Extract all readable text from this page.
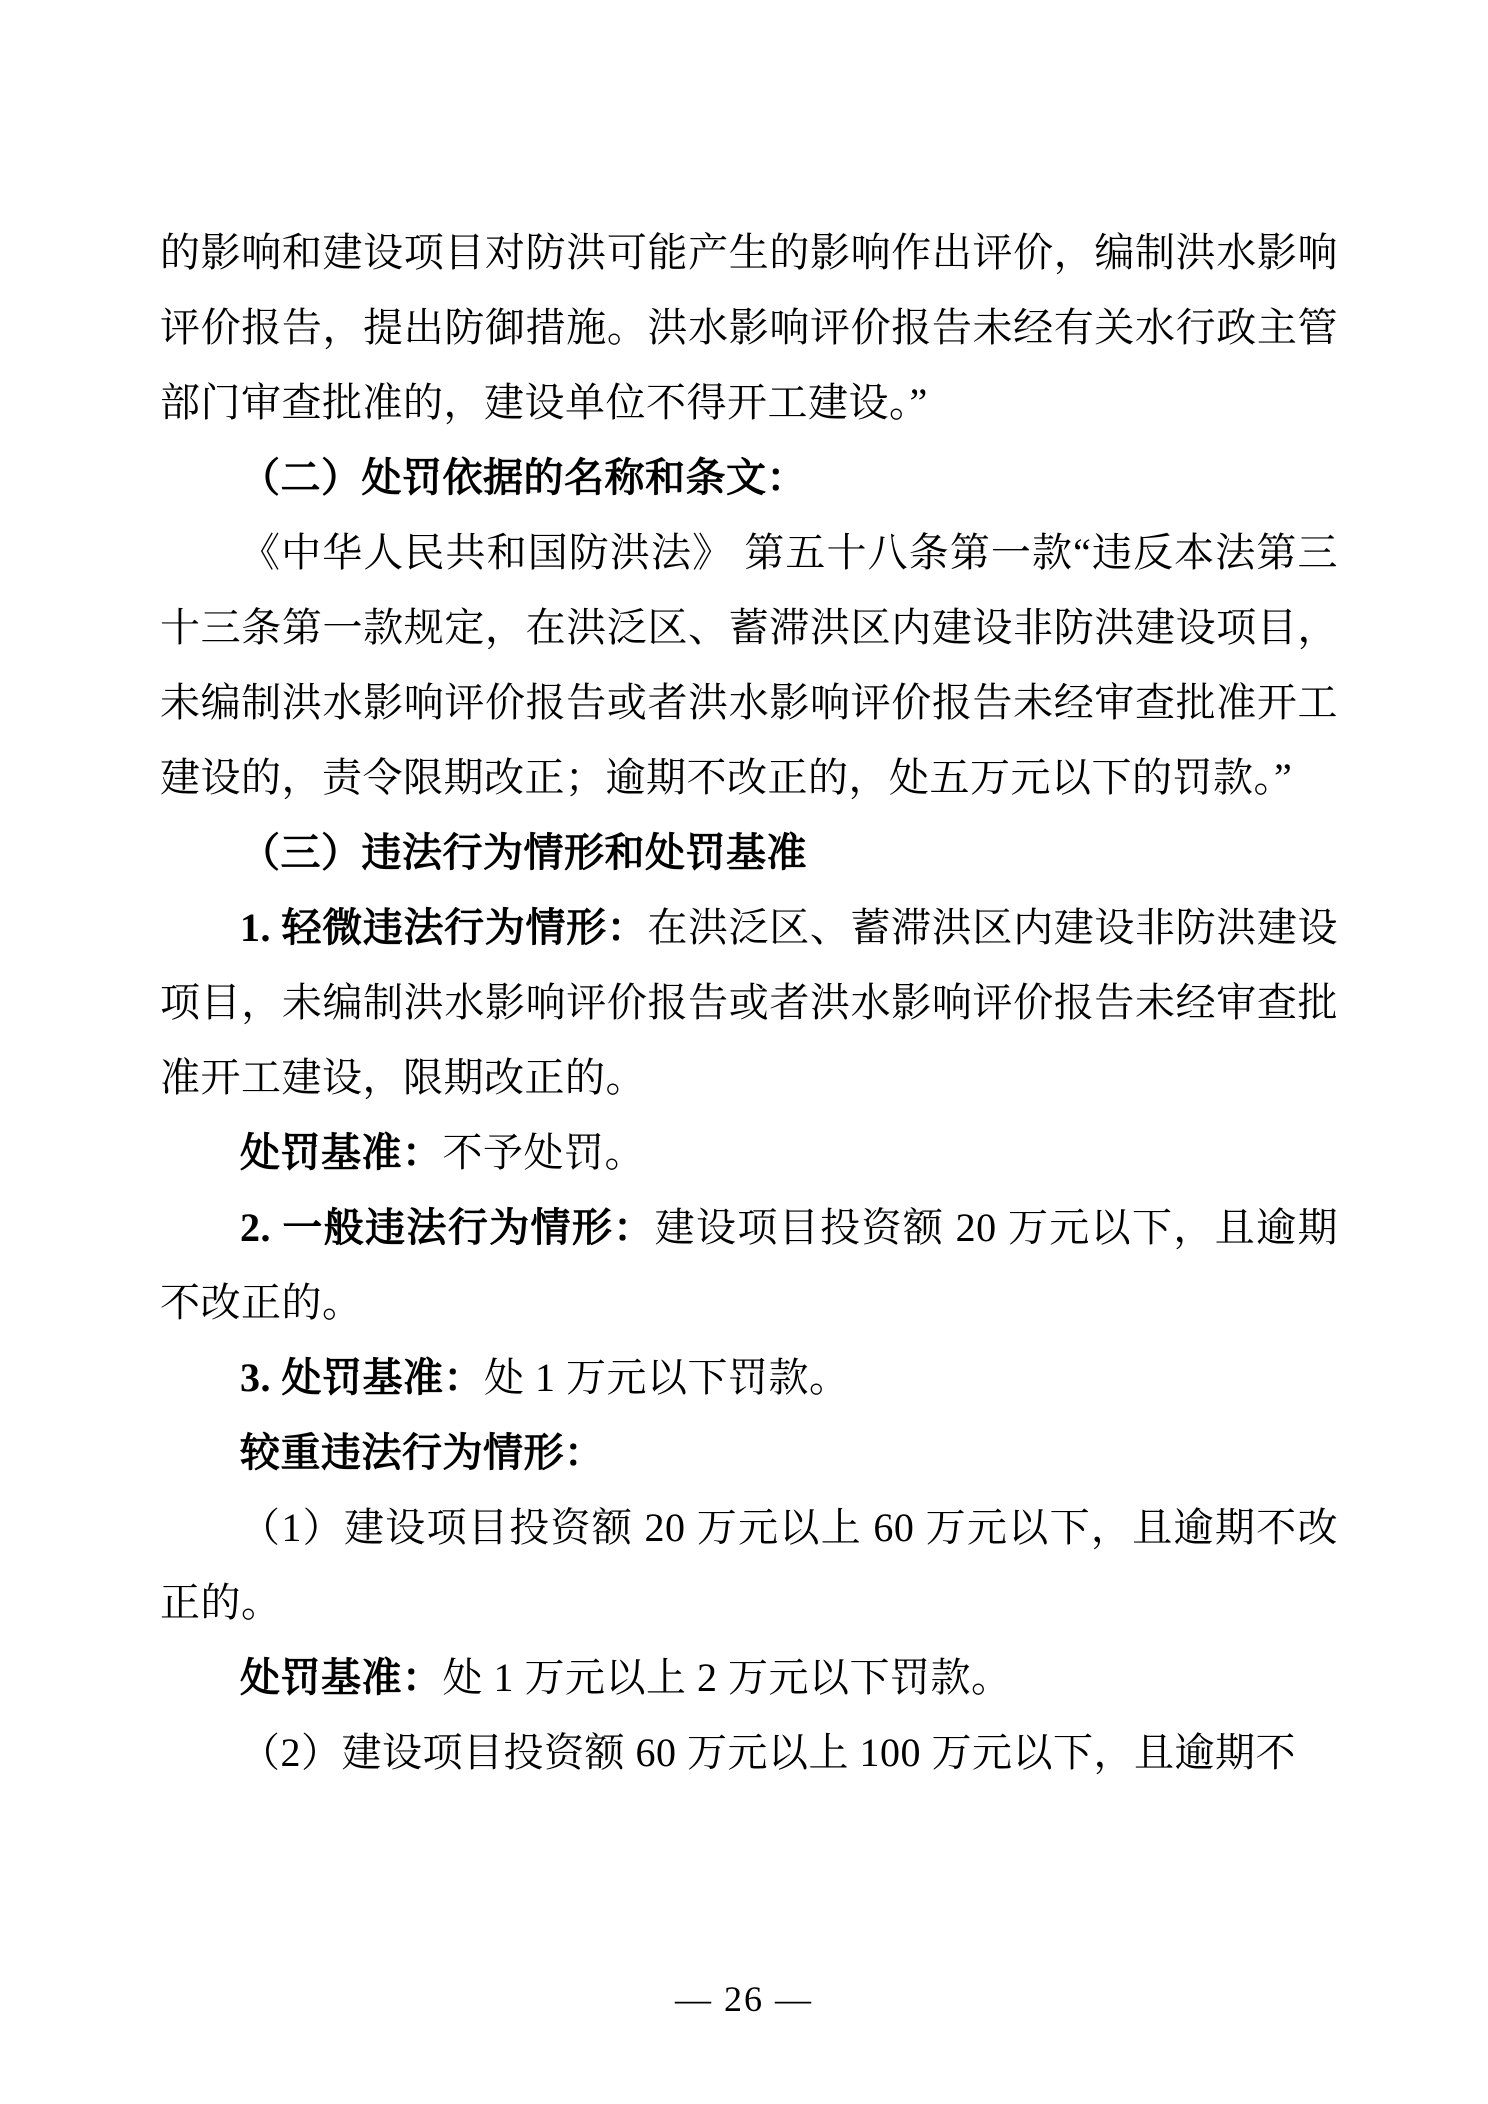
的影响和建设项目对防洪可能产生的影响作出评价，编制洪水影响评价报告，提出防御措施。洪水影响评价报告未经有关水行政主管部门审查批准的，建设单位不得开工建设。”

（二）处罚依据的名称和条文：

《中华人民共和国防洪法》 第五十八条第一款“违反本法第三十三条第一款规定，在洪泛区、蓄滞洪区内建设非防洪建设项目，未编制洪水影响评价报告或者洪水影响评价报告未经审查批准开工建设的，责令限期改正；逾期不改正的，处五万元以下的罚款。”

（三）违法行为情形和处罚基准

1. 轻微违法行为情形：在洪泛区、蓄滞洪区内建设非防洪建设项目，未编制洪水影响评价报告或者洪水影响评价报告未经审查批准开工建设，限期改正的。

处罚基准：不予处罚。

2. 一般违法行为情形：建设项目投资额 20 万元以下，且逾期不改正的。

3. 处罚基准：处 1 万元以下罚款。

较重违法行为情形：

（1）建设项目投资额 20 万元以上 60 万元以下，且逾期不改正的。

处罚基准：处 1 万元以上 2 万元以下罚款。

（2）建设项目投资额 60 万元以上 100 万元以下，且逾期不

— 26 —
